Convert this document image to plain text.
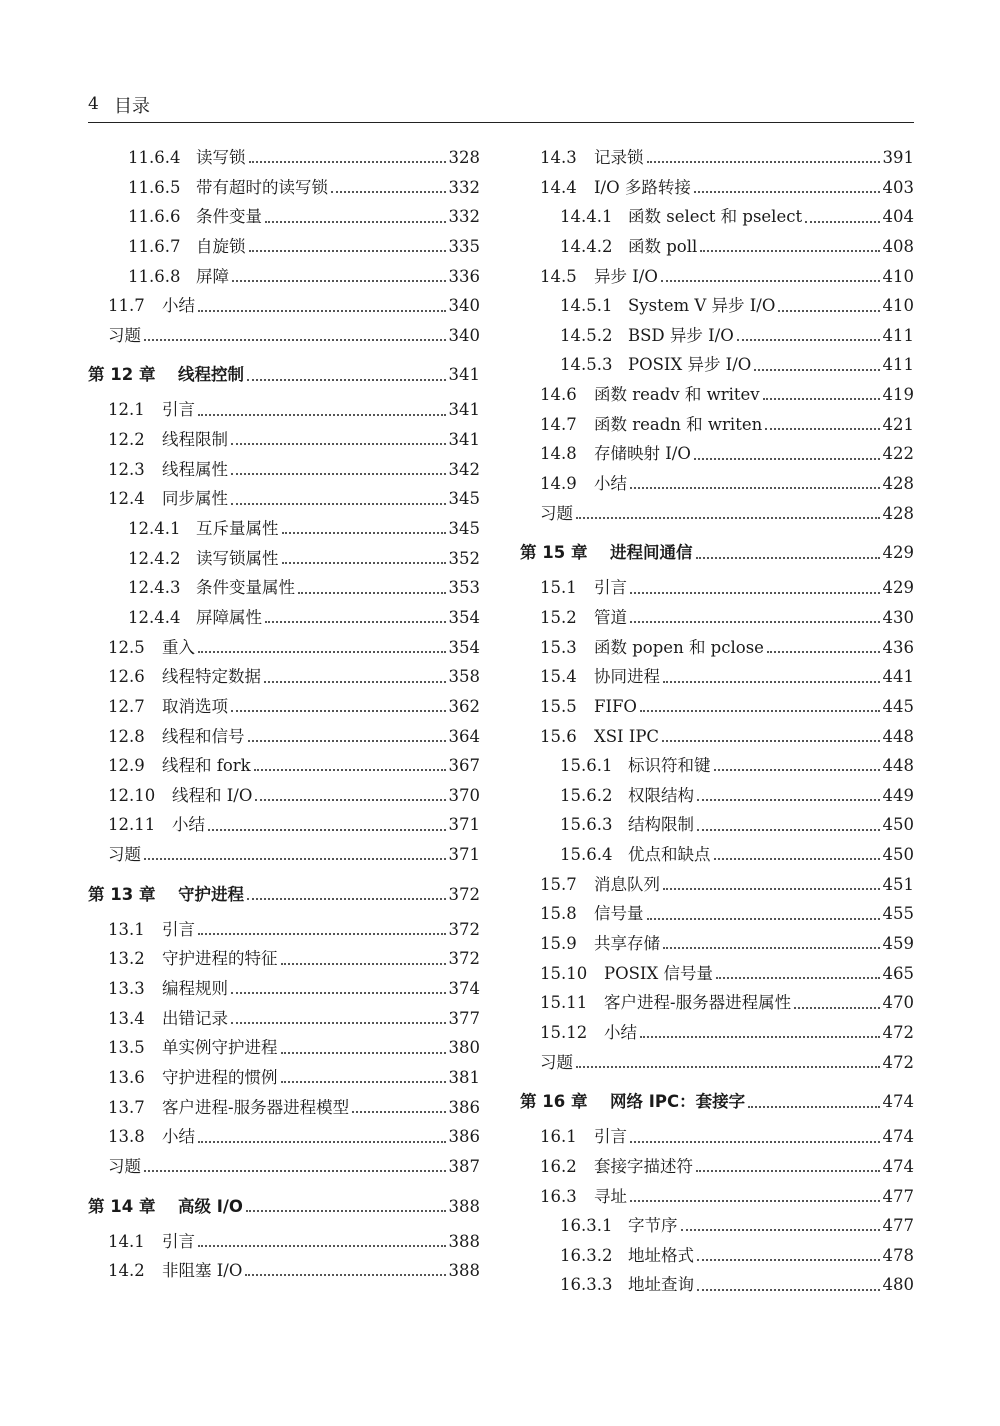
4 目录
11.6.4 读写锁	328
11.6.5 带有超时的读写锁	332
11.6.6 条件变量	332
11.6.7 自旋锁	335
11.6.8 屏障	336
11.7	小结	340
习题	340
第 12 章	线程控制	341
12.1	引言	341
12.2	线程限制	341
12.3	线程属性	342
12.4	同步属性	345
12.4.1 互斥量属性	345
12.4.2 读写锁属性	352
12.4.3 条件变量属性	353
12.4.4 屏障属性	354
12.5	重入	354
12.6	线程特定数据	358
12.7	取消选项	362
12.8	线程和信号	364
12.9	线程和 fork	367
12.10	线程和 I/O	370
12.11	小结	371
习题	371
第 13 章	守护进程	372
13.1	引言	372
13.2	守护进程的特征	372
13.3	编程规则	374
13.4	出错记录	377
13.5	单实例守护进程	380
13.6	守护进程的惯例	381
13.7	客户进程-服务器进程模型	386
13.8	小结	386
习题	387
第 14 章	高级 I/O	388
14.1	引言	388
14.2	非阻塞 I/O	388
14.3	记录锁	391
14.4	I/O 多路转接	403
14.4.1 函数 select 和 pselect	404
14.4.2 函数 poll	408
14.5	异步 I/O	410
14.5.1 System V 异步 I/O	410
14.5.2 BSD 异步 I/O	411
14.5.3 POSIX 异步 I/O	411
14.6	函数 readv 和 writev	419
14.7	函数 readn 和 writen	421
14.8	存储映射 I/O	422
14.9	小结	428
习题	428
第 15 章	进程间通信	429
15.1	引言	429
15.2	管道	430
15.3	函数 popen 和 pclose	436
15.4	协同进程	441
15.5	FIFO	445
15.6	XSI IPC	448
15.6.1 标识符和键	448
15.6.2 权限结构	449
15.6.3 结构限制	450
15.6.4 优点和缺点	450
15.7	消息队列	451
15.8	信号量	455
15.9	共享存储	459
15.10	POSIX 信号量	465
15.11	客户进程-服务器进程属性	470
15.12	小结	472
习题	472
第 16 章	网络 IPC：套接字	474
16.1	引言	474
16.2	套接字描述符	474
16.3	寻址	477
16.3.1 字节序	477
16.3.2 地址格式	478
16.3.3 地址查询	480
